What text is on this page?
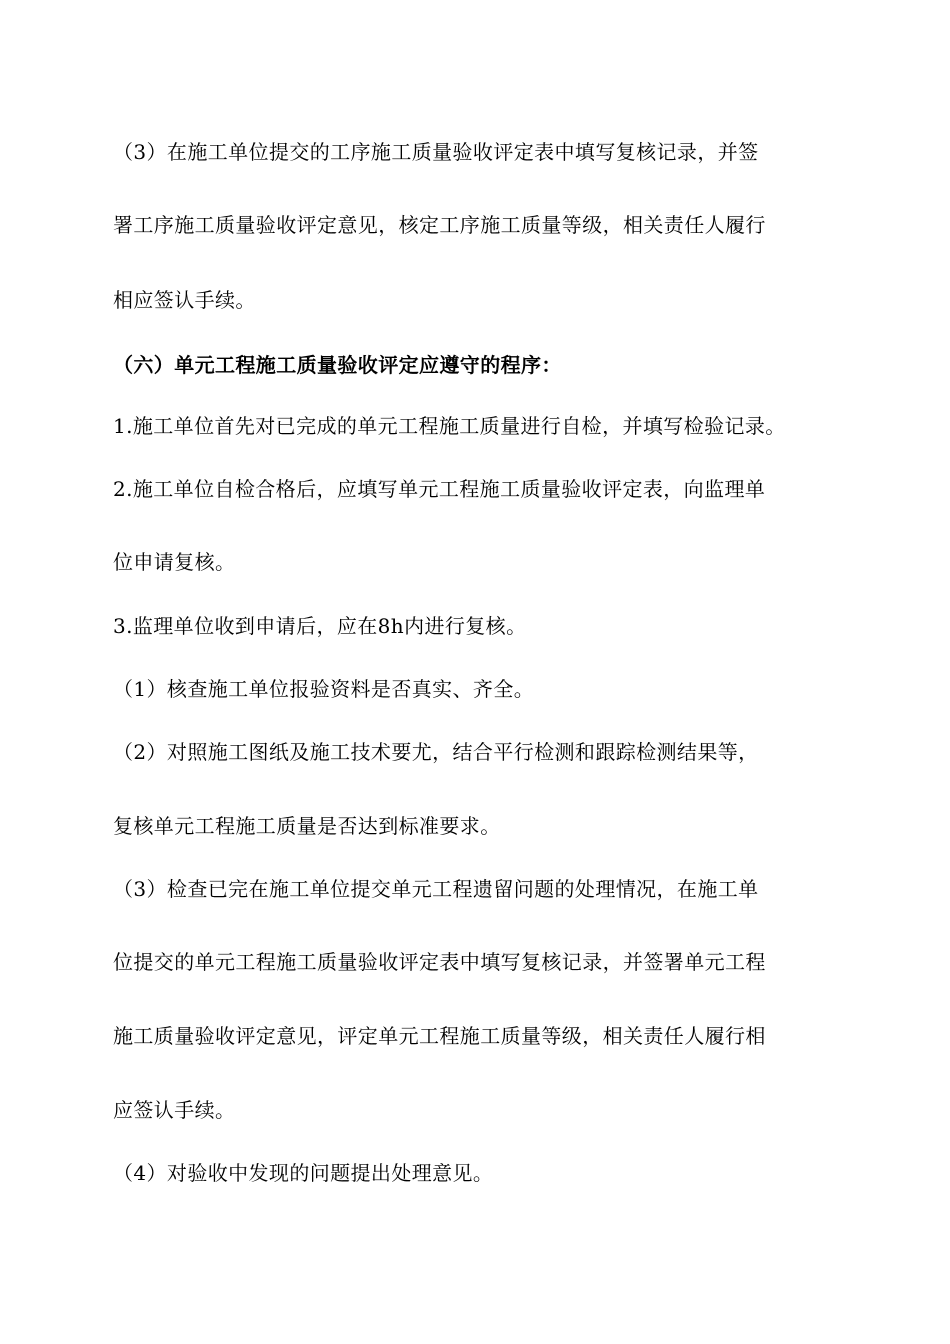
（3）在施工单位提交的工序施工质量验收评定表中填写复核记录，并签
署工序施工质量验收评定意见，核定工序施工质量等级，相关责任人履行
相应签认手续。
（六）单元工程施工质量验收评定应遵守的程序：
1.施工单位首先对已完成的单元工程施工质量进行自检，并填写检验记录。
2.施工单位自检合格后，应填写单元工程施工质量验收评定表，向监理单
位申请复核。
3.监理单位收到申请后，应在8h内进行复核。
（1）核查施工单位报验资料是否真实、齐全。
（2）对照施工图纸及施工技术要尤，结合平行检测和跟踪检测结果等，
复核单元工程施工质量是否达到标准要求。
（3）检查已完在施工单位提交单元工程遗留问题的处理情况，在施工单
位提交的单元工程施工质量验收评定表中填写复核记录，并签署单元工程
施工质量验收评定意见，评定单元工程施工质量等级，相关责任人履行相
应签认手续。
（4）对验收中发现的问题提出处理意见。
